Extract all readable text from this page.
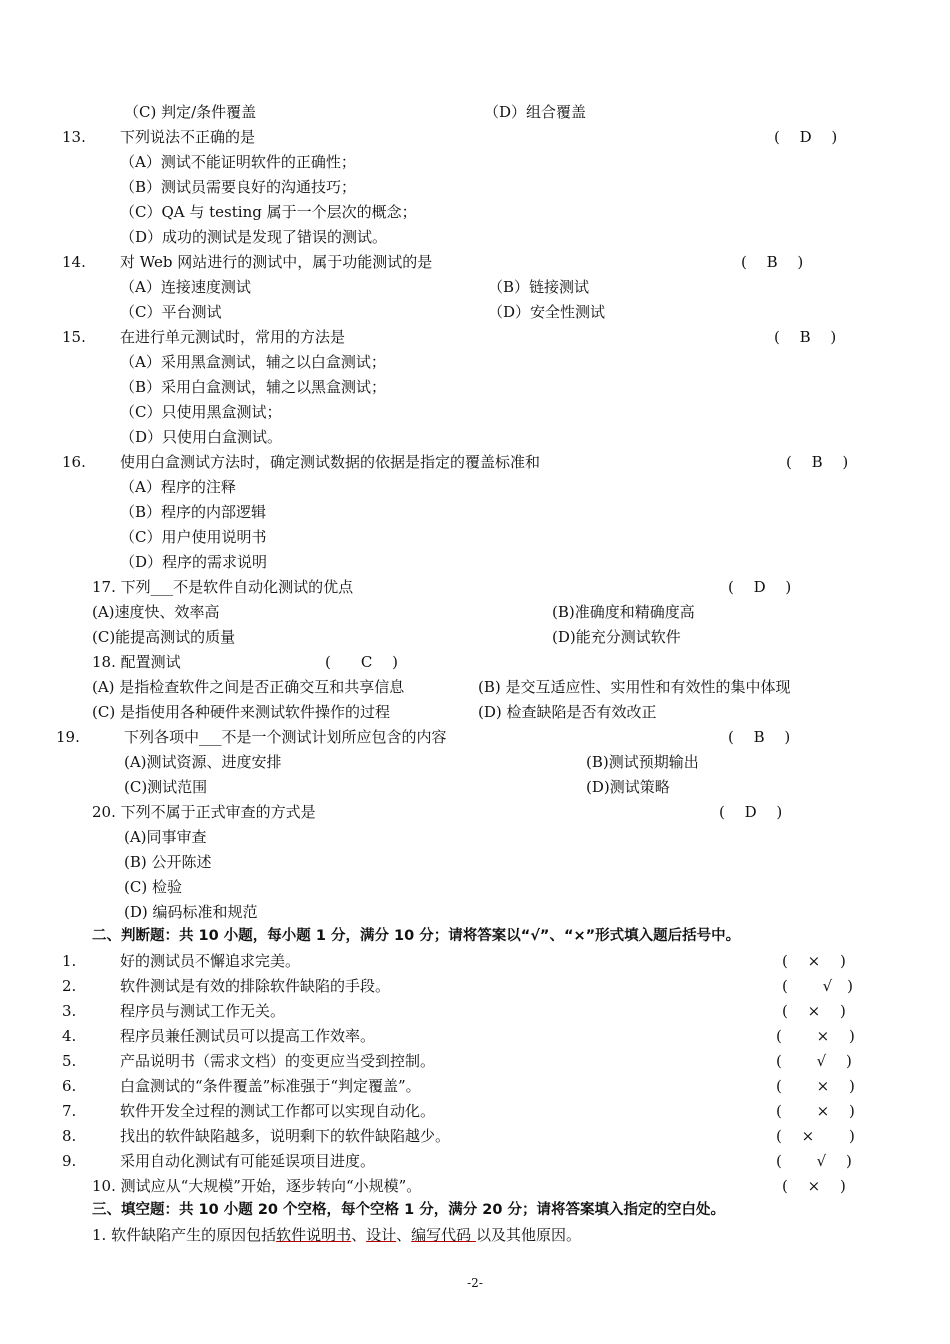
（C) 判定/条件覆盖	（D）组合覆盖
13. 下列说法不正确的是	(　 D　 )
（A）测试不能证明软件的正确性；
（B）测试员需要良好的沟通技巧；
（C）QA 与 testing 属于一个层次的概念；
（D）成功的测试是发现了错误的测试。
14. 对 Web 网站进行的测试中，属于功能测试的是	(　 B　 )
（A）连接速度测试	（B）链接测试
（C）平台测试	（D）安全性测试
15. 在进行单元测试时，常用的方法是	(　 B　 )
（A）采用黑盒测试，辅之以白盒测试；
（B）采用白盒测试，辅之以黑盒测试；
（C）只使用黑盒测试；
（D）只使用白盒测试。
16. 使用白盒测试方法时，确定测试数据的依据是指定的覆盖标准和	(　 B　 )
（A）程序的注释
（B）程序的内部逻辑
（C）用户使用说明书
（D）程序的需求说明
17. 下列___不是软件自动化测试的优点	(　 D　 )
(A)速度快、效率高	(B)准确度和精确度高
(C)能提高测试的质量	(D)能充分测试软件
18. 配置测试	(　　C　 )
(A) 是指检查软件之间是否正确交互和共享信息	(B) 是交互适应性、实用性和有效性的集中体现
(C) 是指使用各种硬件来测试软件操作的过程	(D) 检查缺陷是否有效改正
19.	下列各项中___不是一个测试计划所应包含的内容	(　 B　 )
(A)测试资源、进度安排	(B)测试预期输出
(C)测试范围	(D)测试策略
20. 下列不属于正式审查的方式是	(　 D　 )
(A)同事审查
(B) 公开陈述
(C) 检验
(D) 编码标准和规范
二、判断题：共 10 小题，每小题 1 分，满分 10 分；请将答案以“√”、“×”形式填入题后括号中。
1.	好的测试员不懈追求完美。	(　 ×　 )
2.	软件测试是有效的排除软件缺陷的手段。	(　　 √　)
3.	程序员与测试工作无关。	(　 ×　 )
4.	程序员兼任测试员可以提高工作效率。	(　　 ×　 )
5.	产品说明书（需求文档）的变更应当受到控制。	(　　 √　 )
6.	白盒测试的“条件覆盖”标准强于“判定覆盖”。	(　　 ×　 )
7.	软件开发全过程的测试工作都可以实现自动化。	(　　 ×　 )
8.	找出的软件缺陷越多，说明剩下的软件缺陷越少。	(　 ×　　 )
9.	采用自动化测试有可能延误项目进度。	(　　 √　 )
10. 测试应从“大规模”开始，逐步转向“小规模”。	(　 ×　 )
三、填空题：共 10 小题 20 个空格，每个空格 1 分，满分 20 分；请将答案填入指定的空白处。
1. 软件缺陷产生的原因包括软件说明书、设计、编写代码 以及其他原因。
-2-
